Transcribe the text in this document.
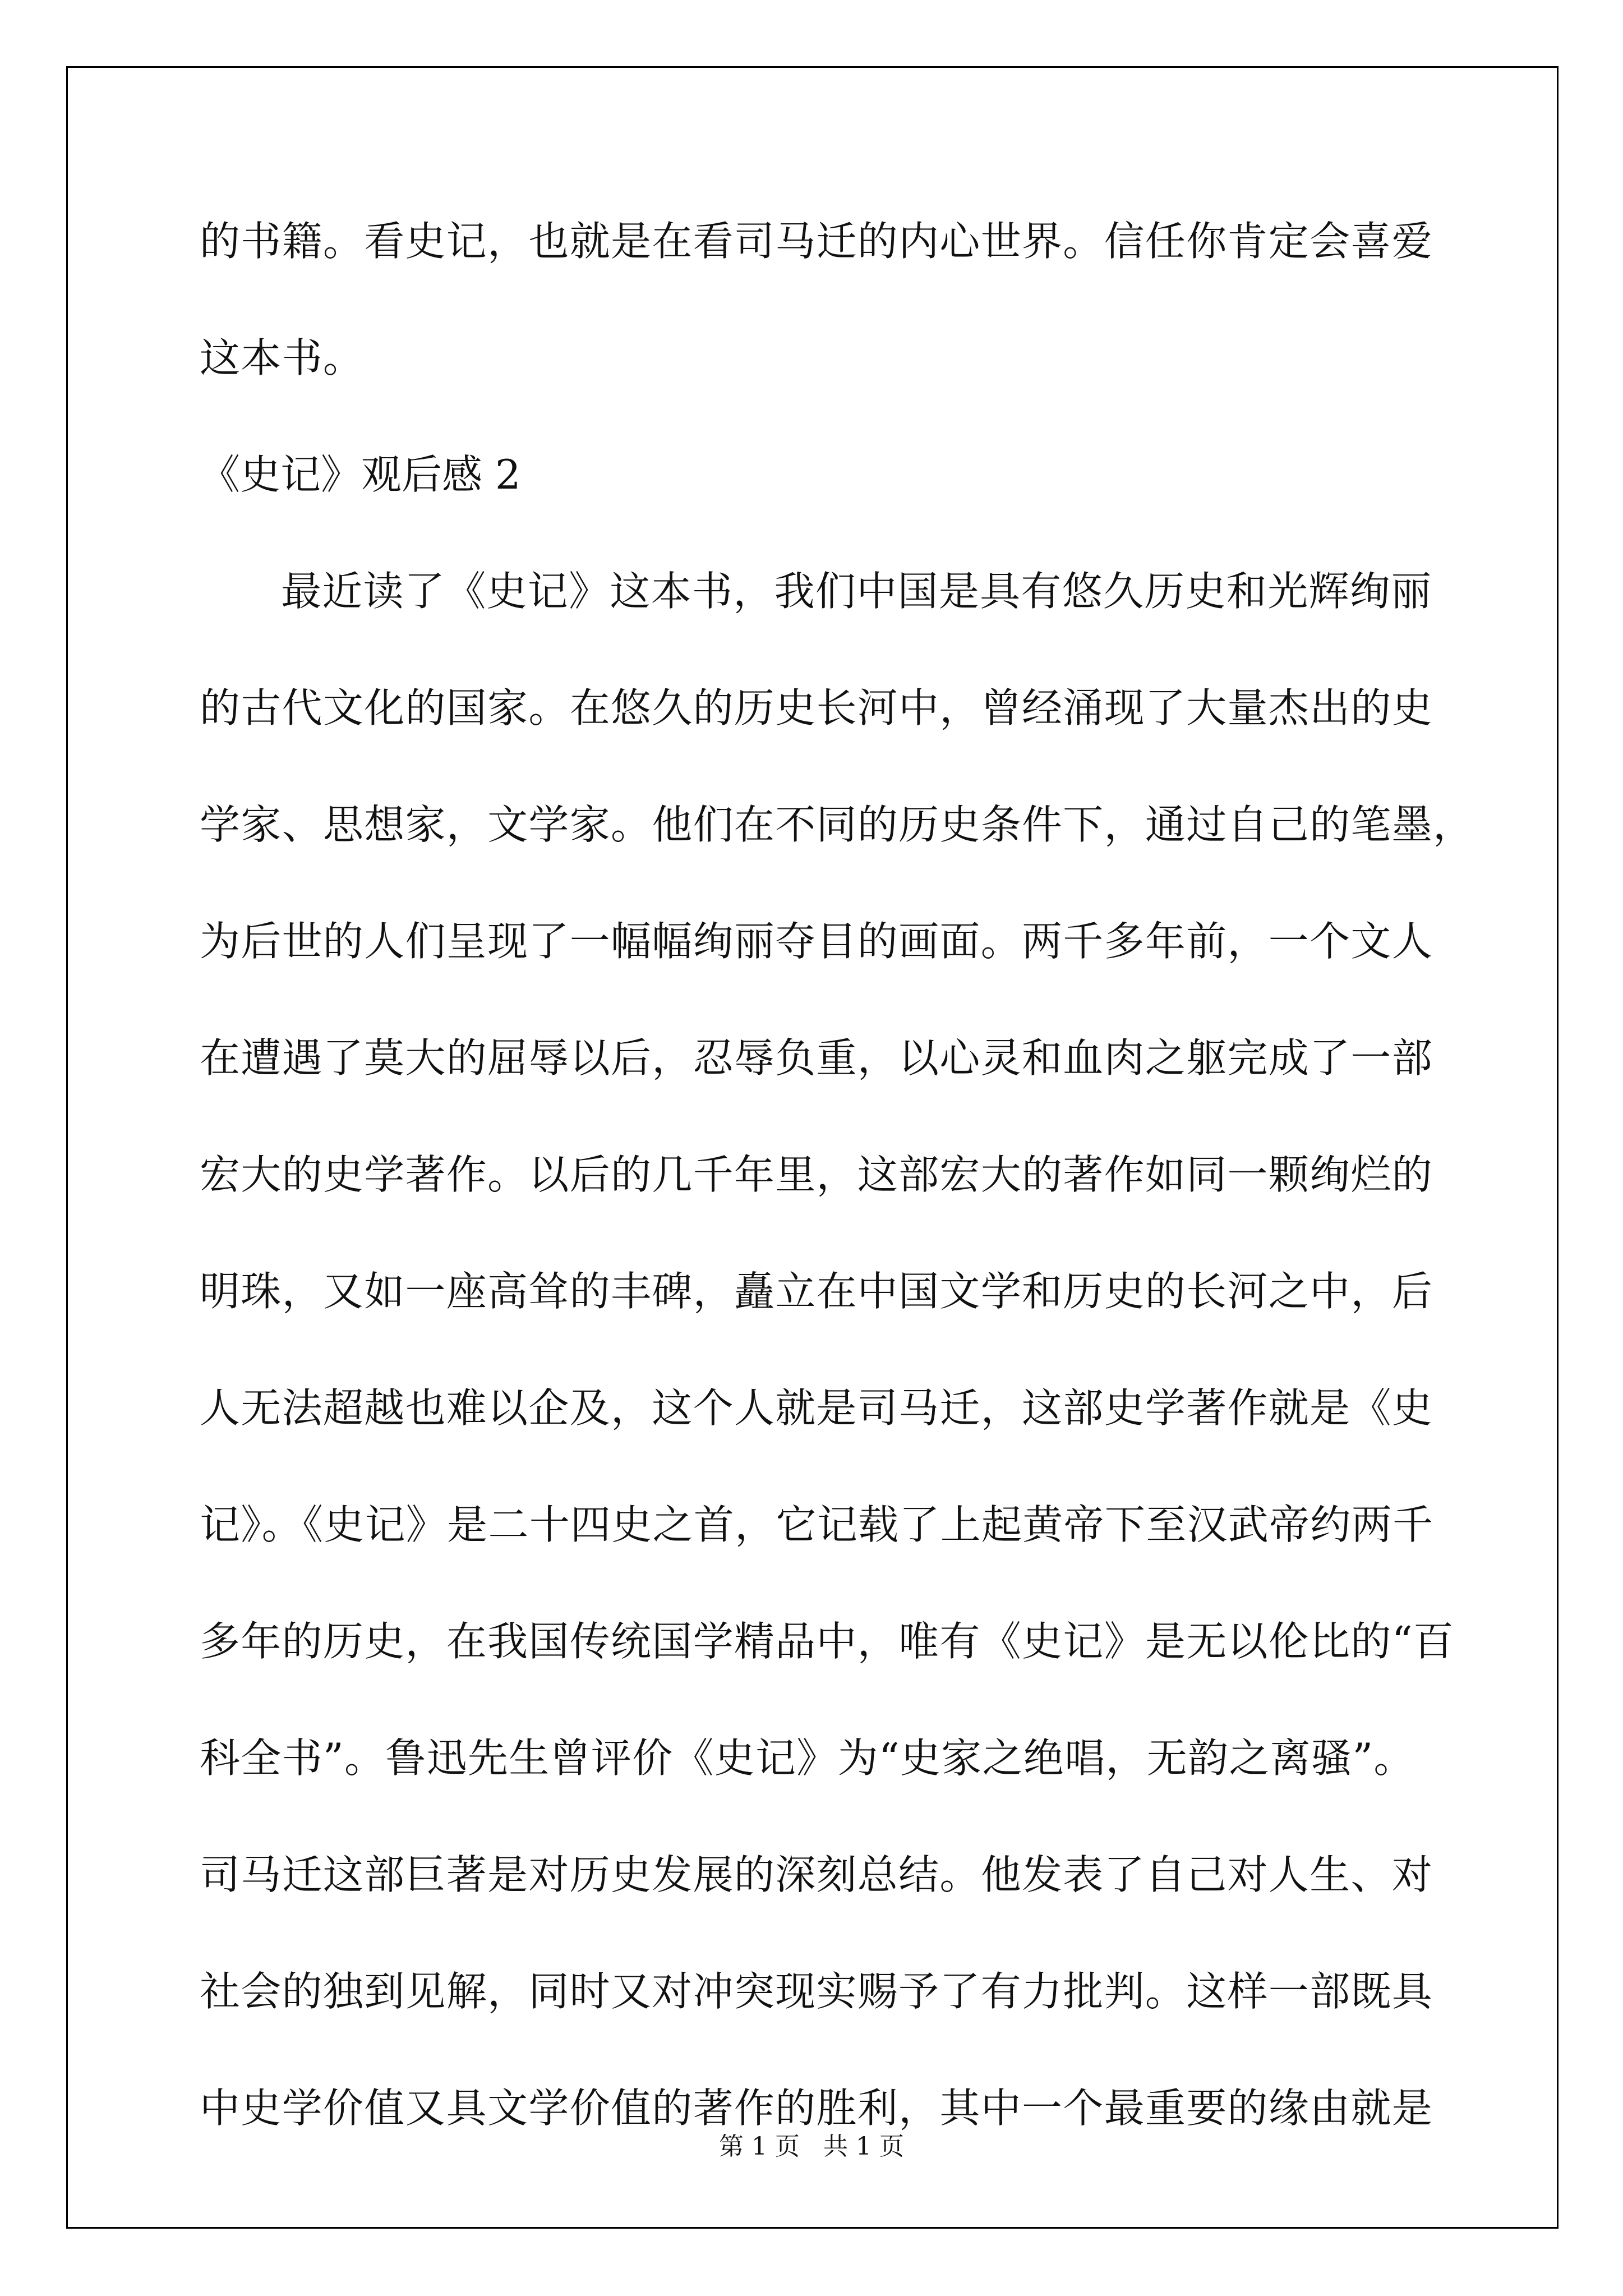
的书籍。看史记，也就是在看司马迁的内心世界。信任你肯定会喜爱
这本书。
《史记》观后感 2
最近读了《史记》这本书，我们中国是具有悠久历史和光辉绚丽
的古代文化的国家。在悠久的历史长河中，曾经涌现了大量杰出的史
学家、思想家，文学家。他们在不同的历史条件下，通过自己的笔墨，
为后世的人们呈现了一幅幅绚丽夺目的画面。两千多年前，一个文人
在遭遇了莫大的屈辱以后，忍辱负重，以心灵和血肉之躯完成了一部
宏大的史学著作。以后的几千年里，这部宏大的著作如同一颗绚烂的
明珠，又如一座高耸的丰碑，矗立在中国文学和历史的长河之中，后
人无法超越也难以企及，这个人就是司马迁，这部史学著作就是《史
记》。《史记》是二十四史之首，它记载了上起黄帝下至汉武帝约两千
多年的历史，在我国传统国学精品中，唯有《史记》是无以伦比的“百
科全书”。鲁迅先生曾评价《史记》为“史家之绝唱，无韵之离骚”。
司马迁这部巨著是对历史发展的深刻总结。他发表了自己对人生、对
社会的独到见解，同时又对冲突现实赐予了有力批判。这样一部既具
中史学价值又具文学价值的著作的胜利，其中一个最重要的缘由就是
第 1 页   共 1 页
